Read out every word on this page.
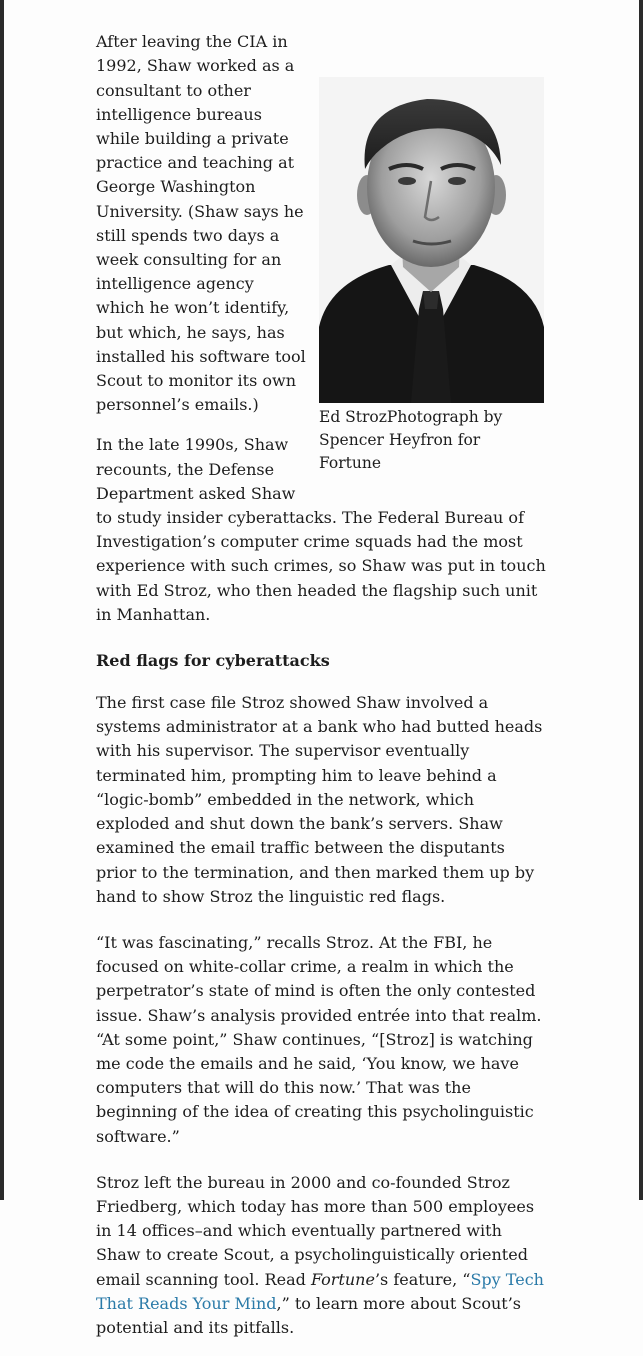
Ed StrozPhotograph by Spencer Heyfron for Fortune

After leaving the CIA in 1992, Shaw worked as a consultant to other intelligence bureaus while building a private practice and teaching at George Washington University. (Shaw says he still spends two days a week consulting for an intelligence agency which he won’t identify, but which, he says, has installed his software tool Scout to monitor its own personnel’s emails.)

In the late 1990s, Shaw recounts, the Defense Department asked Shaw to study insider cyberattacks. The Federal Bureau of Investigation’s computer crime squads had the most experience with such crimes, so Shaw was put in touch with Ed Stroz, who then headed the flagship such unit in Manhattan.

Red flags for cyberattacks

The first case file Stroz showed Shaw involved a systems administrator at a bank who had butted heads with his supervisor. The supervisor eventually terminated him, prompting him to leave behind a “logic-bomb” embedded in the network, which exploded and shut down the bank’s servers. Shaw examined the email traffic between the disputants prior to the termination, and then marked them up by hand to show Stroz the linguistic red flags.

“It was fascinating,” recalls Stroz. At the FBI, he focused on white-collar crime, a realm in which the perpetrator’s state of mind is often the only contested issue. Shaw’s analysis provided entrée into that realm. “At some point,” Shaw continues, “[Stroz] is watching me code the emails and he said, ‘You know, we have computers that will do this now.’ That was the beginning of the idea of creating this psycholinguistic software.”

Stroz left the bureau in 2000 and co-founded Stroz Friedberg, which today has more than 500 employees in 14 offices–and which eventually partnered with Shaw to create Scout, a psycholinguistically oriented email scanning tool. Read Fortune’s feature, “Spy Tech That Reads Your Mind,” to learn more about Scout’s potential and its pitfalls.
